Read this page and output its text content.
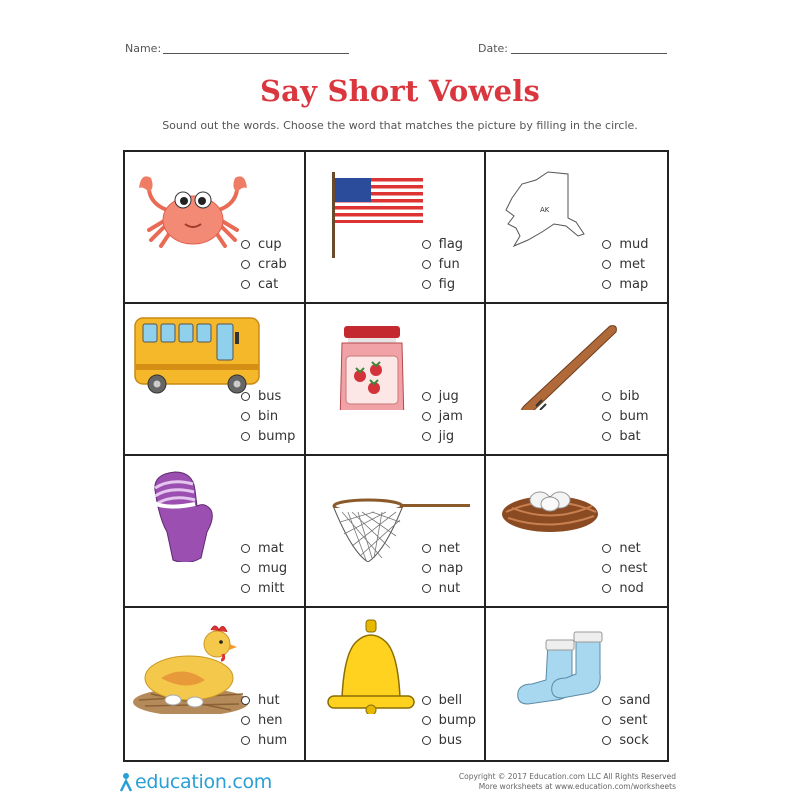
Name:	Date:
Say Short Vowels
Sound out the words. Choose the word that matches the picture by filling in the circle.
cup
crab
cat
flag
fun
fig
AK
mud
met
map
bus
bin
bump
jug
jam
jig
bib
bum
bat
mat
mug
mitt
net
nap
nut
net
nest
nod
hut
hen
hum
bell
bump
bus
sand
sent
sock
education.com	Copyright © 2017 Education.com LLC All Rights Reserved
More worksheets at www.education.com/worksheets
